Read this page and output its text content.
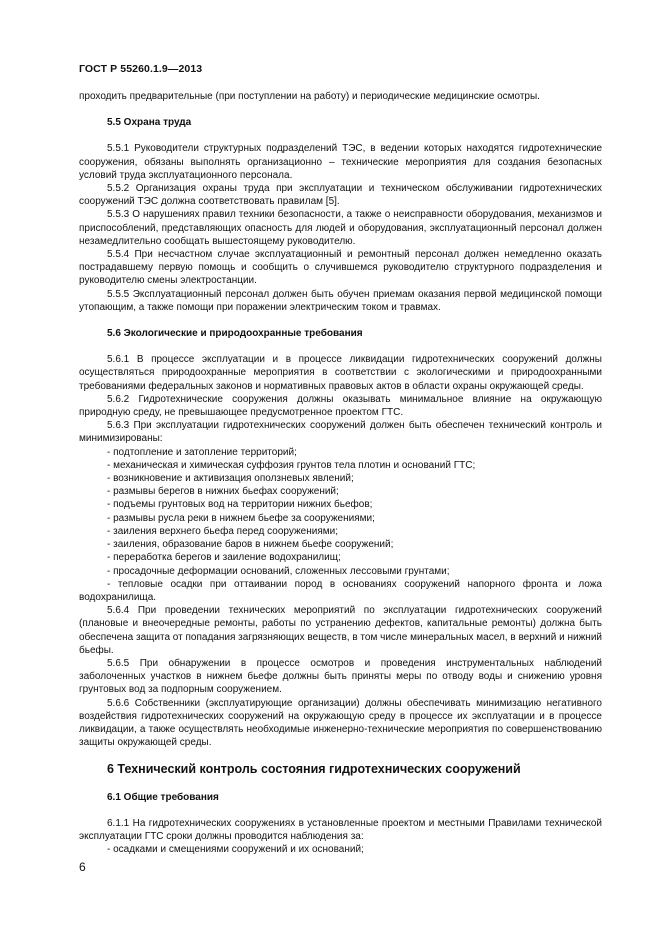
ГОСТ Р 55260.1.9—2013

проходить предварительные (при поступлении на работу) и периодические медицинские осмотры.

5.5 Охрана труда

5.5.1 Руководители структурных подразделений ТЭС, в ведении которых находятся гидротехнические сооружения, обязаны выполнять организационно – технические мероприятия для создания безопасных условий труда эксплуатационного персонала.

5.5.2 Организация охраны труда при эксплуатации и техническом обслуживании гидротехнических сооружений ТЭС должна соответствовать правилам [5].

5.5.3 О нарушениях правил техники безопасности, а также о неисправности оборудования, механизмов и приспособлений, представляющих опасность для людей и оборудования, эксплуатационный персонал должен незамедлительно сообщать вышестоящему руководителю.

5.5.4 При несчастном случае эксплуатационный и ремонтный персонал должен немедленно оказать пострадавшему первую помощь и сообщить о случившемся руководителю структурного подразделения и руководителю смены электростанции.

5.5.5 Эксплуатационный персонал должен быть обучен приемам оказания первой медицинской помощи утопающим, а также помощи при поражении электрическим током и травмах.

5.6 Экологические и природоохранные требования

5.6.1 В процессе эксплуатации и в процессе ликвидации гидротехнических сооружений должны осуществляться природоохранные мероприятия в соответствии с экологическими и природоохранными требованиями федеральных законов и нормативных правовых актов в области охраны окружающей среды.

5.6.2 Гидротехнические сооружения должны оказывать минимальное влияние на окружающую природную среду, не превышающее предусмотренное проектом ГТС.

5.6.3 При эксплуатации гидротехнических сооружений должен быть обеспечен технический контроль и минимизированы:

- подтопление и затопление территорий;

- механическая и химическая суффозия грунтов тела плотин и оснований ГТС;

- возникновение и активизация оползневых явлений;

- размывы берегов в нижних бьефах сооружений;

- подъемы грунтовых вод на территории нижних бьефов;

- размывы русла реки в нижнем бьефе за сооружениями;

- заиления верхнего бьефа перед сооружениями;

- заиления, образование баров в нижнем бьефе сооружений;

- переработка берегов и заиление водохранилищ;

- просадочные деформации оснований, сложенных лессовыми грунтами;

- тепловые осадки при оттаивании пород в основаниях сооружений напорного фронта и ложа водохранилища.

5.6.4 При проведении технических мероприятий по эксплуатации гидротехнических сооружений (плановые и внеочередные ремонты, работы по устранению дефектов, капитальные ремонты) должна быть обеспечена защита от попадания загрязняющих веществ, в том числе минеральных масел, в верхний и нижний бьефы.

5.6.5 При обнаружении в процессе осмотров и проведения инструментальных наблюдений заболоченных участков в нижнем бьефе должны быть приняты меры по отводу воды и снижению уровня грунтовых вод за подпорным сооружением.

5.6.6 Собственники (эксплуатирующие организации) должны обеспечивать минимизацию негативного воздействия гидротехнических сооружений на окружающую среду в процессе их эксплуатации и в процессе ликвидации, а также осуществлять необходимые инженерно-технические мероприятия по совершенствованию защиты окружающей среды.

6 Технический контроль состояния гидротехнических сооружений

6.1 Общие требования

6.1.1 На гидротехнических сооружениях в установленные проектом и местными Правилами технической эксплуатации ГТС сроки должны проводится наблюдения за:

- осадками и смещениями сооружений и их оснований;

6
